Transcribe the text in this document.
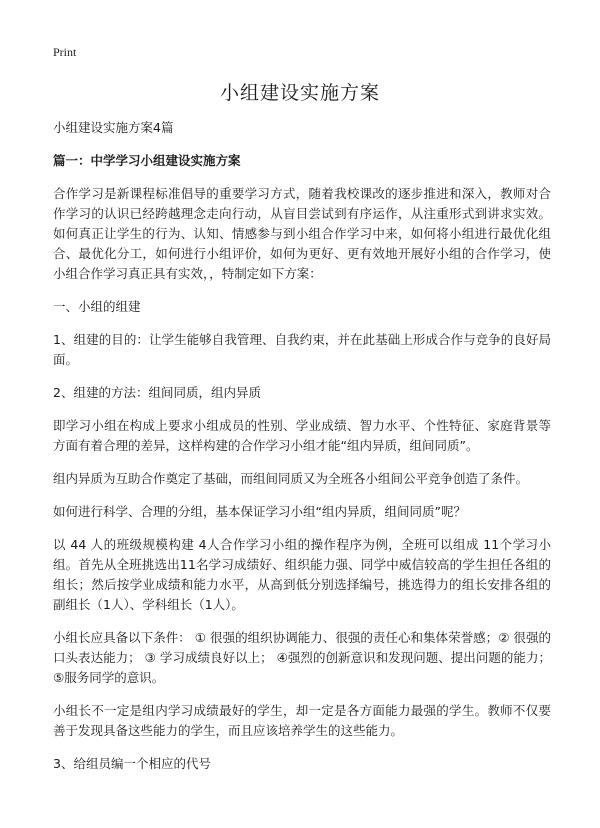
Print
小组建设实施方案

小组建设实施方案4篇

篇一：中学学习小组建设实施方案

合作学习是新课程标准倡导的重要学习方式，随着我校课改的逐步推进和深入，教师对合作学习的认识已经跨越理念走向行动，从盲目尝试到有序运作，从注重形式到讲求实效。如何真正让学生的行为、认知、情感参与到小组合作学习中来，如何将小组进行最优化组合、最优化分工，如何进行小组评价，如何为更好、更有效地开展好小组的合作学习，使小组合作学习真正具有实效，，特制定如下方案：

一、小组的组建

1、组建的目的：让学生能够自我管理、自我约束，并在此基础上形成合作与竞争的良好局面。

2、组建的方法：组间同质，组内异质

即学习小组在构成上要求小组成员的性别、学业成绩、智力水平、个性特征、家庭背景等方面有着合理的差异，这样构建的合作学习小组才能“组内异质，组间同质”。

组内异质为互助合作奠定了基础，而组间同质又为全班各小组间公平竞争创造了条件。

如何进行科学、合理的分组，基本保证学习小组“组内异质，组间同质”呢？

以 44 人的班级规模构建 4人合作学习小组的操作程序为例，全班可以组成 11个学习小组。首先从全班挑选出11名学习成绩好、组织能力强、同学中威信较高的学生担任各组的组长；然后按学业成绩和能力水平，从高到低分别选择编号，挑选得力的组长安排各组的副组长（1人）、学科组长（1人）。

小组长应具备以下条件： ① 很强的组织协调能力、很强的责任心和集体荣誉感；② 很强的口头表达能力； ③ 学习成绩良好以上； ④强烈的创新意识和发现问题、提出问题的能力；⑤服务同学的意识。

小组长不一定是组内学习成绩最好的学生，却一定是各方面能力最强的学生。教师不仅要善于发现具备这些能力的学生，而且应该培养学生的这些能力。

3、给组员编一个相应的代号
